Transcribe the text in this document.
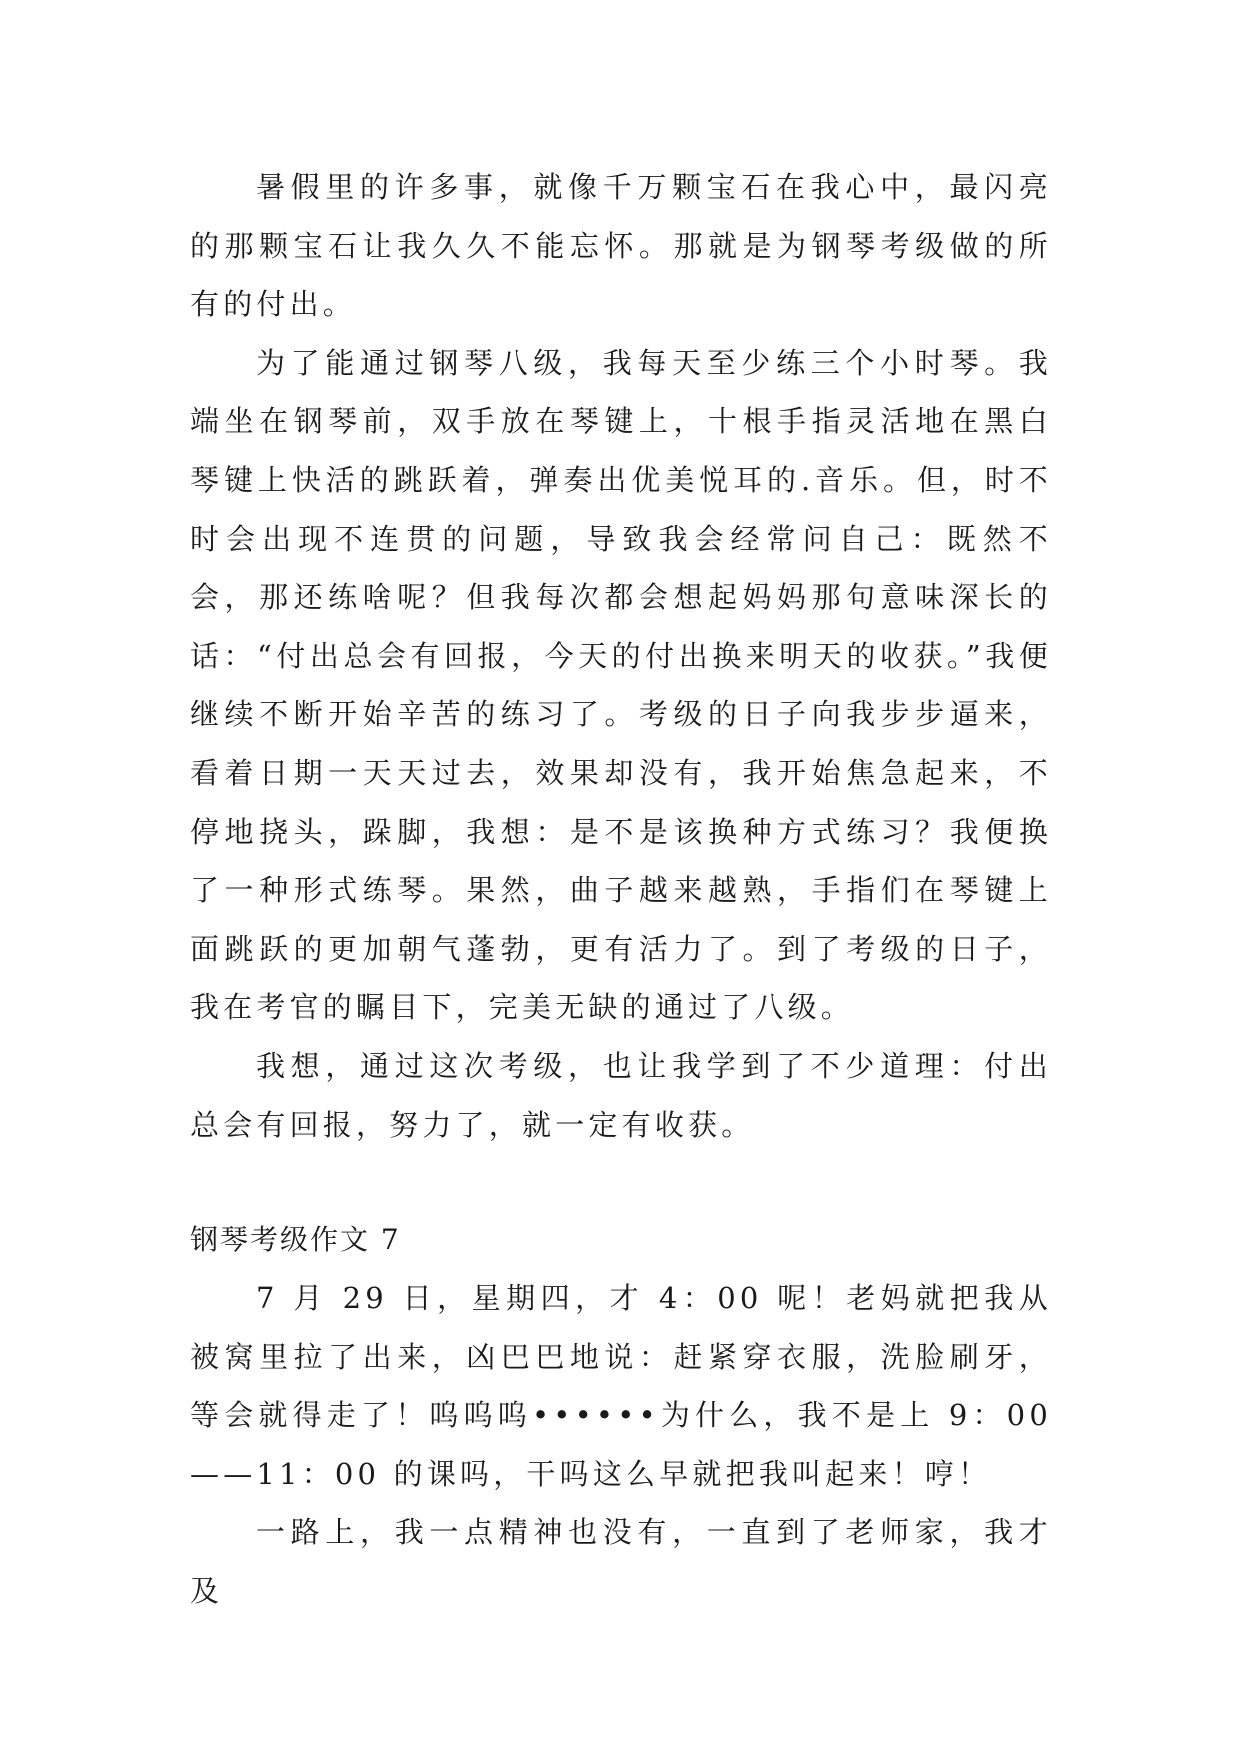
暑假里的许多事，就像千万颗宝石在我心中，最闪亮的那颗宝石让我久久不能忘怀。那就是为钢琴考级做的所有的付出。

为了能通过钢琴八级，我每天至少练三个小时琴。我端坐在钢琴前，双手放在琴键上，十根手指灵活地在黑白琴键上快活的跳跃着，弹奏出优美悦耳的.音乐。但，时不时会出现不连贯的问题，导致我会经常问自己：既然不会，那还练啥呢？但我每次都会想起妈妈那句意味深长的话：“付出总会有回报，今天的付出换来明天的收获。”我便继续不断开始辛苦的练习了。考级的日子向我步步逼来，看着日期一天天过去，效果却没有，我开始焦急起来，不停地挠头，跺脚，我想：是不是该换种方式练习？我便换了一种形式练琴。果然，曲子越来越熟，手指们在琴键上面跳跃的更加朝气蓬勃，更有活力了。到了考级的日子，我在考官的瞩目下，完美无缺的通过了八级。

我想，通过这次考级，也让我学到了不少道理：付出总会有回报，努力了，就一定有收获。

钢琴考级作文 7

7 月 29 日，星期四，才 4：00 呢！老妈就把我从被窝里拉了出来，凶巴巴地说：赶紧穿衣服，洗脸刷牙，等会就得走了！呜呜呜••••••为什么，我不是上 9：00——11：00 的课吗，干吗这么早就把我叫起来！哼！

一路上，我一点精神也没有，一直到了老师家，我才及
